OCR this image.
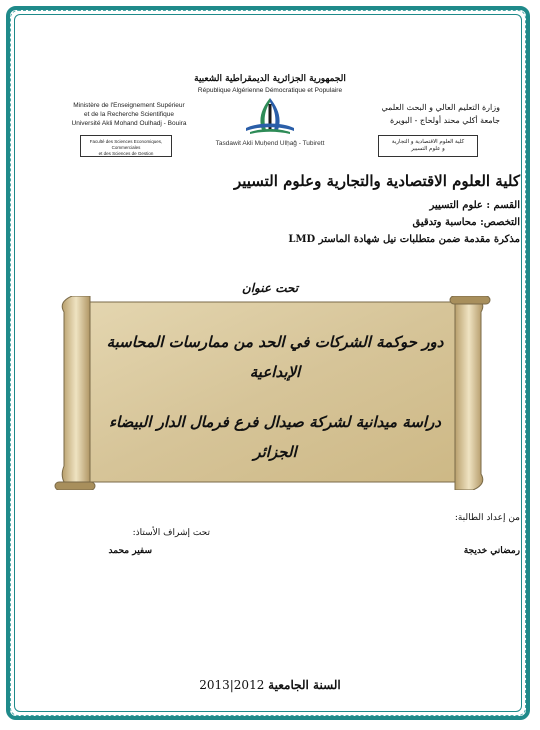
الجمهورية الجزائرية الديمقراطية الشعبية
République Algérienne Démocratique et Populaire
Ministère de l'Enseignement Supérieur
et de la Recherche Scientifique
Université Akli Mohand Oulhadj - Bouira
Faculté des Sciences Economiques, Commerciales
et des Sciences de Gestion
وزارة التعليم العالي و البحث العلمي
جامعة أكلي محند أولحاج - البويرة
كلية العلوم الاقتصادية و التجارية
و علوم التسيير
Tasdawit Akli Muḥend Ulḥağ - Tubirett
كلية العلوم الاقتصادية والتجارية وعلوم التسيير
القسم : علوم التسيير
التخصص: محاسبة وتدقيق
مذكرة مقدمة ضمن متطلبات نيل شهادة الماستر LMD
تحت عنوان
دور حوكمة الشركات في الحد من ممارسات المحاسبة الإبداعية
دراسة ميدانية لشركة صيدال فرع فرمال الدار البيضاء الجزائر
من إعداد الطالبة:
رمضاني خديجة
تحت إشراف الأستاذ:
سفير محمد
2013|2012 السنة الجامعية
